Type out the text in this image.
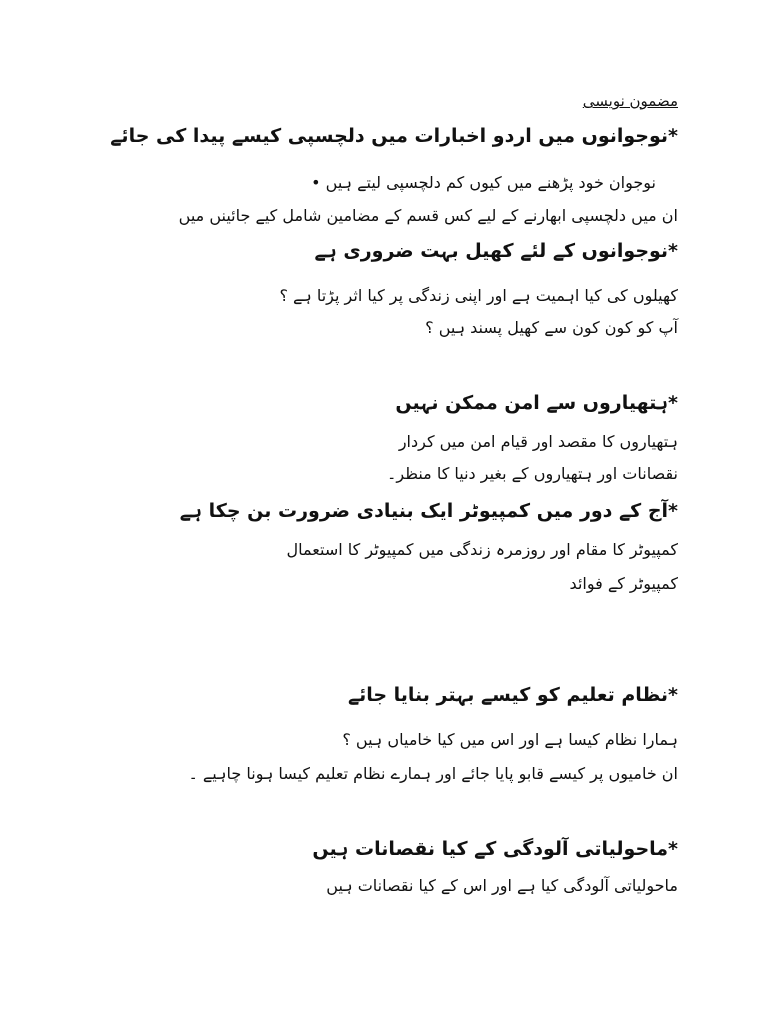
مضمون نویسی
*نوجوانوں میں اردو اخبارات میں دلچسپی کیسے پیدا کی جائے
نوجوان خود پڑھنے میں کیوں کم دلچسپی لیتے ہیں •
ان میں دلچسپی ابھارنے کے لیے کس قسم کے مضامین شامل کیے جائینں میں
*نوجوانوں کے لئے کھیل بہت ضروری ہے
کھیلوں کی کیا اہمیت ہے اور اپنی زندگی پر کیا اثر پڑتا ہے ؟
آپ کو کون کون سے کھیل پسند ہیں ؟
*ہتھیاروں سے امن ممکن نہیں
ہتھیاروں کا مقصد اور قیام امن میں کردار
نقصانات اور ہتھیاروں کے بغیر دنیا کا منظر۔
*آج کے دور میں کمپیوٹر ایک بنیادی ضرورت بن چکا ہے
کمپیوٹر کا مقام اور روزمرہ زندگی میں کمپیوٹر کا استعمال
کمپیوٹر کے فوائد
*نظام تعلیم کو کیسے بہتر بنایا جائے
ہمارا نظام کیسا ہے اور اس میں کیا خامیاں ہیں ؟
ان خامیوں پر کیسے قابو پایا جائے اور ہمارے نظام تعلیم کیسا ہونا چاہیے ۔
*ماحولیاتی آلودگی کے کیا نقصانات ہیں
ماحولیاتی آلودگی کیا ہے اور اس کے کیا نقصانات ہیں
